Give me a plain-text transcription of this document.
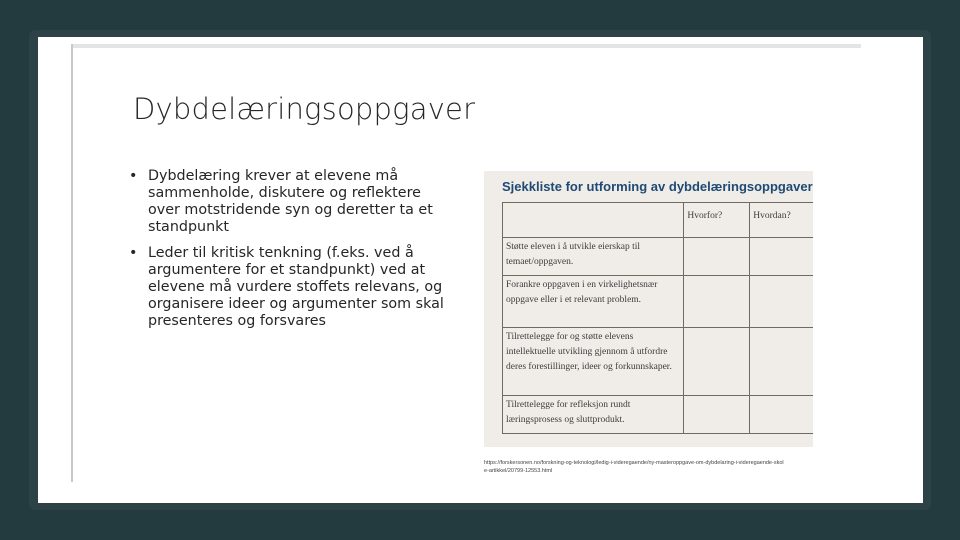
Dybdelæringsoppgaver
• Dybdelæring krever at elevene må sammenholde, diskutere og reflektere over motstridende syn og deretter ta et standpunkt
• Leder til kritisk tenkning (f.eks. ved å argumentere for et standpunkt) ved at elevene må vurdere stoffets relevans, og organisere ideer og argumenter som skal presenteres og forsvares
Sjekkliste for utforming av dybdelæringsoppgaver
	Hvorfor?	Hvordan?
Støtte eleven i å utvikle eierskap til temaet/oppgaven.		
Forankre oppgaven i en virkelighetsnær oppgave eller i et relevant problem.		
Tilrettelegge for og støtte elevens intellektuelle utvikling gjennom å utfordre deres forestillinger, ideer og forkunnskaper.		
Tilrettelegge for refleksjon rundt læringsprosess og sluttprodukt.		
https://forskersonen.no/forskning-og-teknologi/ledig-i-videregaende/ny-masteroppgave-om-dybdelaring-i-videregaende-skole-artikkel/20799-12553.html
